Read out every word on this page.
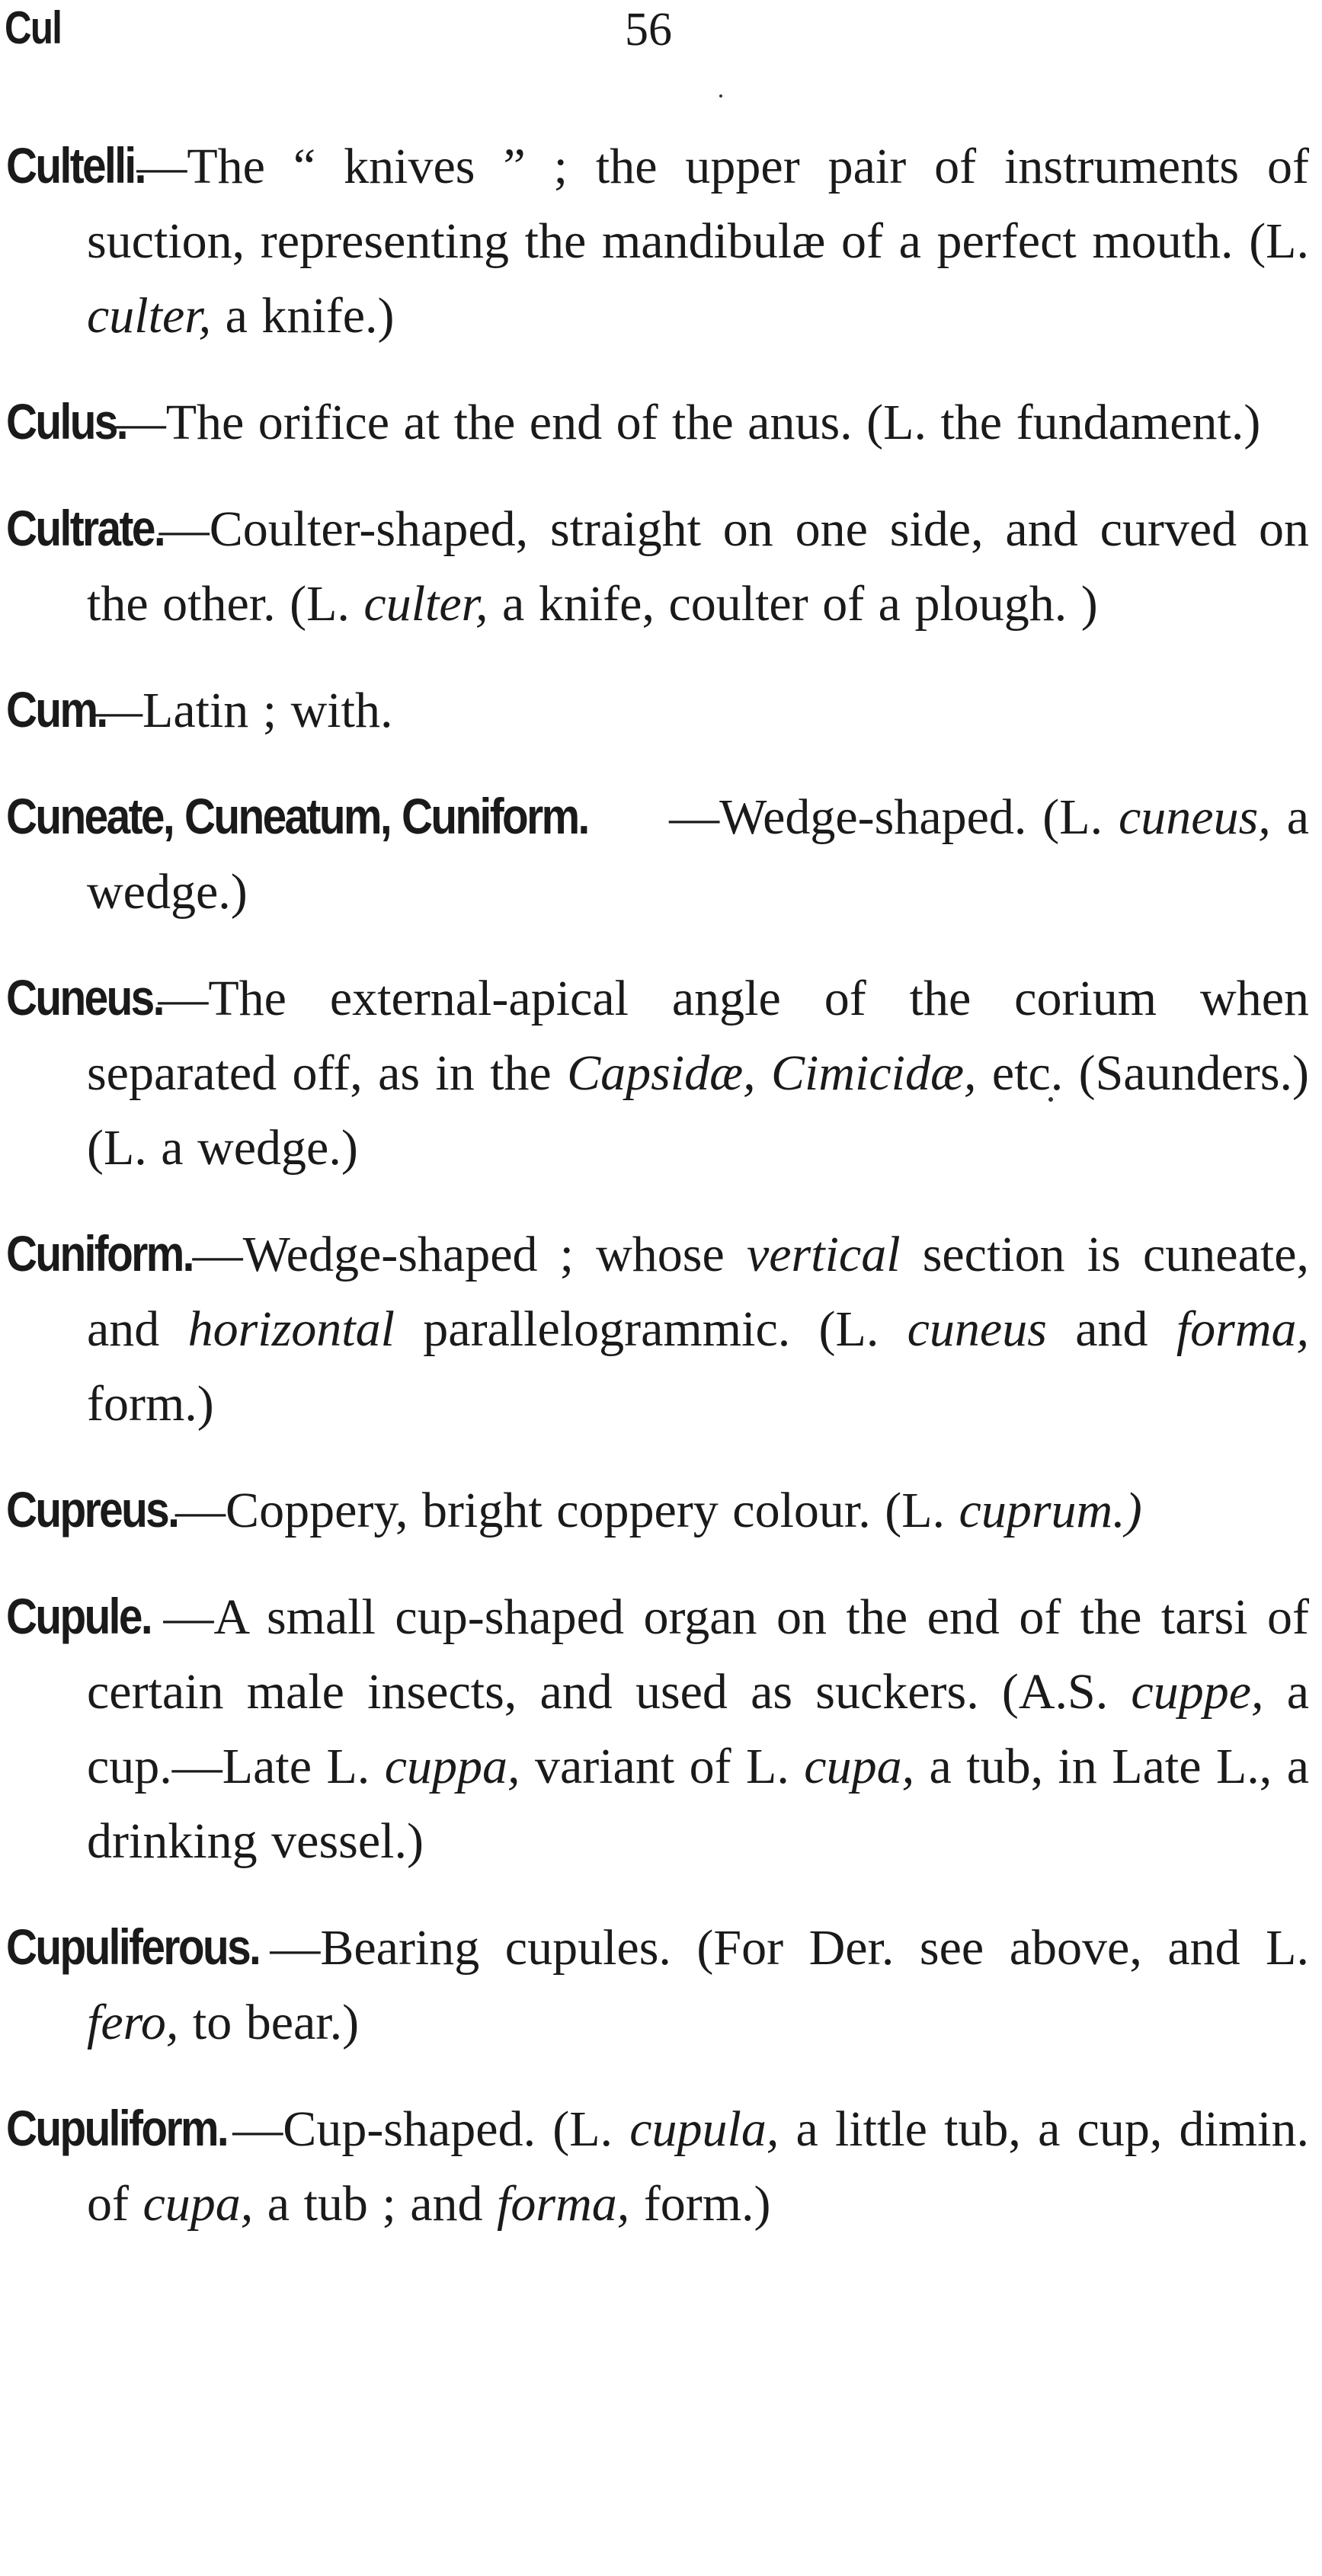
Cul	56

Cultelli.—The “ knives ” ; the upper pair of instruments of suction, representing the mandibulæ of a perfect mouth. (L. culter, a knife.)

Culus.—The orifice at the end of the anus. (L. the fundament.)

Cultrate.—Coulter-shaped, straight on one side, and curved on the other. (L. culter, a knife, coulter of a plough. )

Cum.—Latin ; with.

Cuneate, Cuneatum, Cuniform. —Wedge-shaped. (L. cuneus, a wedge.)

Cuneus.—The external-apical angle of the corium when separated off, as in the Capsidæ, Cimicidæ, etc. (Saunders.) (L. a wedge.)

Cuniform.—Wedge-shaped ; whose vertical section is cuneate, and horizontal parallelogrammic. (L. cuneus and forma, form.)

Cupreus.—Coppery, bright coppery colour. (L. cuprum.)

Cupule. —A small cup-shaped organ on the end of the tarsi of certain male insects, and used as suckers. (A.S. cuppe, a cup.—Late L. cuppa, variant of L. cupa, a tub, in Late L., a drinking vessel.)

Cupuliferous. —Bearing cupules. (For Der. see above, and L. fero, to bear.)

Cupuliform. —Cup-shaped. (L. cupula, a little tub, a cup, dimin. of cupa, a tub ; and forma, form.)
